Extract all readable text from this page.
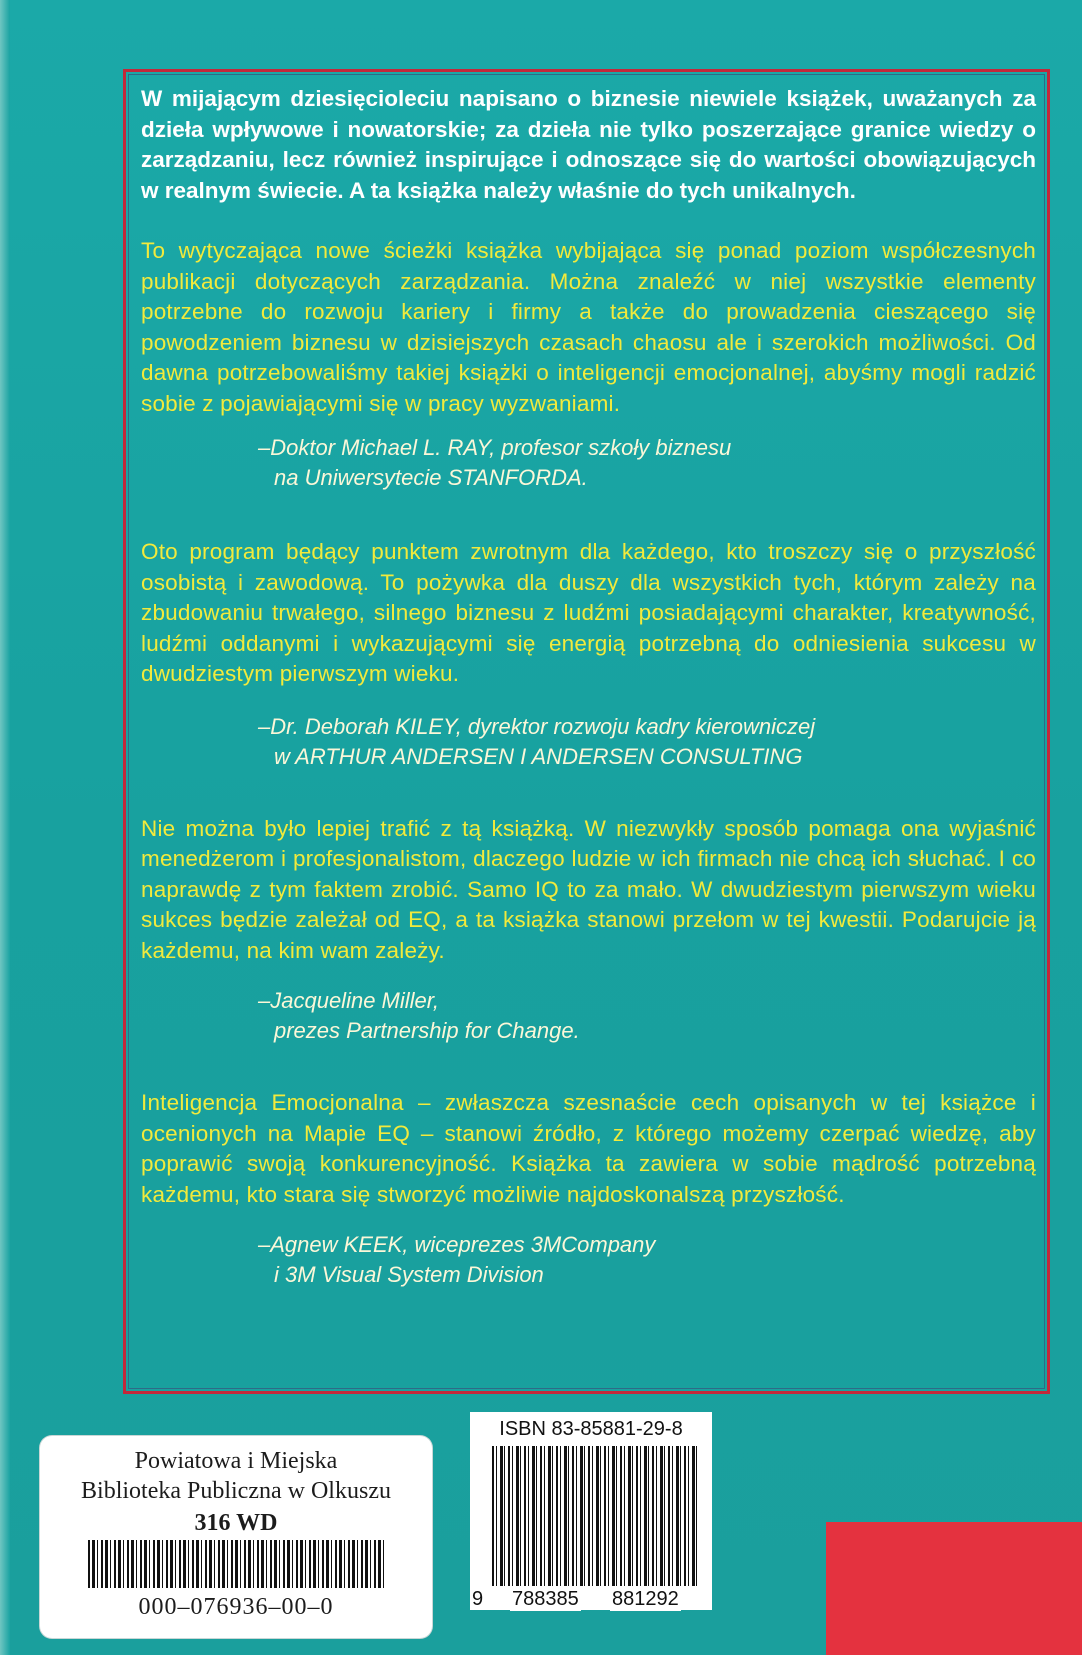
W mijającym dziesięcioleciu napisano o biznesie niewiele książek, uważanych za dzieła wpływowe i nowatorskie; za dzieła nie tylko poszerzające granice wiedzy o zarządzaniu, lecz również inspirujące i odnoszące się do wartości obowiązujących w realnym świecie. A ta książka należy właśnie do tych unikalnych.

To wytyczająca nowe ścieżki książka wybijająca się ponad poziom współczesnych publikacji dotyczących zarządzania. Można znaleźć w niej wszystkie elementy potrzebne do rozwoju kariery i firmy a także do prowadzenia cieszącego się powodzeniem biznesu w dzisiejszych czasach chaosu ale i szerokich możliwości. Od dawna potrzebowaliśmy takiej książki o inteligencji emocjonalnej, abyśmy mogli radzić sobie z pojawiającymi się w pracy wyzwaniami.

–Doktor Michael L. RAY, profesor szkoły biznesu
na Uniwersytecie STANFORDA.

Oto program będący punktem zwrotnym dla każdego, kto troszczy się o przyszłość osobistą i zawodową. To pożywka dla duszy dla wszystkich tych, którym zależy na zbudowaniu trwałego, silnego biznesu z ludźmi posiadającymi charakter, kreatywność, ludźmi oddanymi i wykazującymi się energią potrzebną do odniesienia sukcesu w dwudziestym pierwszym wieku.

–Dr. Deborah KILEY, dyrektor rozwoju kadry kierowniczej
w ARTHUR ANDERSEN I ANDERSEN CONSULTING

Nie można było lepiej trafić z tą książką. W niezwykły sposób pomaga ona wyjaśnić menedżerom i profesjonalistom, dlaczego ludzie w ich firmach nie chcą ich słuchać. I co naprawdę z tym faktem zrobić. Samo IQ to za mało. W dwudziestym pierwszym wieku sukces będzie zależał od EQ, a ta książka stanowi przełom w tej kwestii. Podarujcie ją każdemu, na kim wam zależy.

–Jacqueline Miller,
prezes Partnership for Change.

Inteligencja Emocjonalna – zwłaszcza szesnaście cech opisanych w tej książce i ocenionych na Mapie EQ – stanowi źródło, z którego możemy czerpać wiedzę, aby poprawić swoją konkurencyjność. Książka ta zawiera w sobie mądrość potrzebną każdemu, kto stara się stworzyć możliwie najdoskonalszą przyszłość.

–Agnew KEEK, wiceprezes 3MCompany
i 3M Visual System Division

Powiatowa i Miejska
Biblioteka Publiczna w Olkuszu
316 WD
000–076936–00–0
ISBN 83-85881-29-8
9 788385 881292
